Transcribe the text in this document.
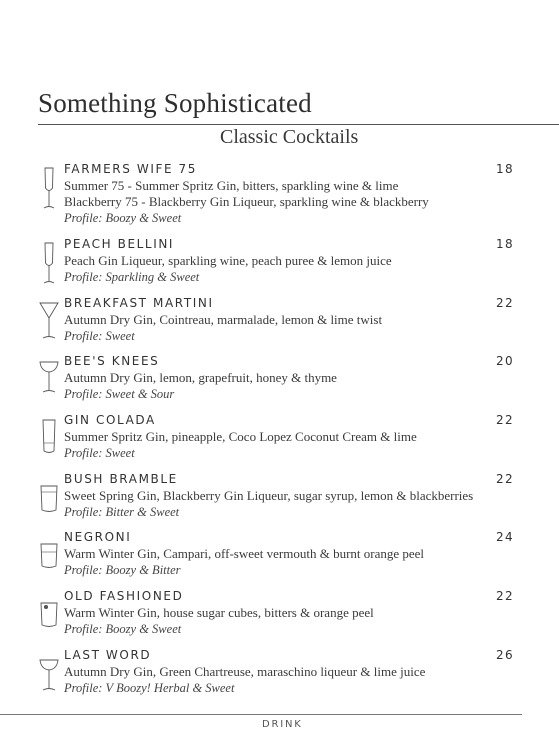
Something Sophisticated
Classic Cocktails
FARMERS WIFE 75	18
Summer 75 - Summer Spritz Gin, bitters, sparkling wine & lime
Blackberry 75 - Blackberry Gin Liqueur, sparkling wine & blackberry
Profile: Boozy & Sweet
PEACH BELLINI	18
Peach Gin Liqueur, sparkling wine, peach puree & lemon juice
Profile: Sparkling & Sweet
BREAKFAST MARTINI	22
Autumn Dry Gin, Cointreau, marmalade, lemon & lime twist
Profile: Sweet
BEE'S KNEES	20
Autumn Dry Gin, lemon, grapefruit, honey & thyme
Profile: Sweet & Sour
GIN COLADA	22
Summer Spritz Gin, pineapple, Coco Lopez Coconut Cream & lime
Profile: Sweet
BUSH BRAMBLE	22
Sweet Spring Gin, Blackberry Gin Liqueur, sugar syrup, lemon & blackberries
Profile: Bitter & Sweet
NEGRONI	24
Warm Winter Gin, Campari, off-sweet vermouth & burnt orange peel
Profile: Boozy & Bitter
OLD FASHIONED	22
Warm Winter Gin, house sugar cubes, bitters & orange peel
Profile: Boozy & Sweet
LAST WORD	26
Autumn Dry Gin, Green Chartreuse, maraschino liqueur & lime juice
Profile: V Boozy! Herbal & Sweet
DRINK
